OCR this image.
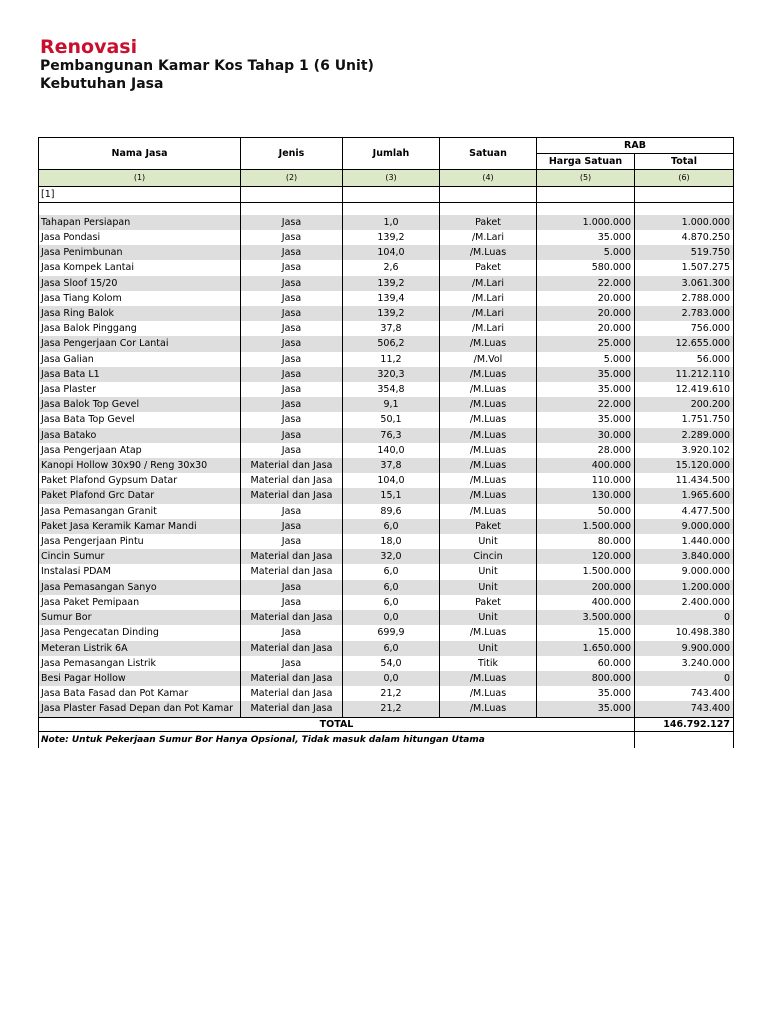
Renovasi
Pembangunan Kamar Kos Tahap 1 (6 Unit)
Kebutuhan Jasa
Nama Jasa	Jenis	Jumlah	Satuan	RAB	
				Harga Satuan	Total
(1)	(2)	(3)	(4)	(5)	(6)
[1]					

Tahapan Persiapan	Jasa	1,0	Paket	1.000.000	1.000.000
Jasa Pondasi	Jasa	139,2	/M.Lari	35.000	4.870.250
Jasa Penimbunan	Jasa	104,0	/M.Luas	5.000	519.750
Jasa Kompek Lantai	Jasa	2,6	Paket	580.000	1.507.275
Jasa Sloof 15/20	Jasa	139,2	/M.Lari	22.000	3.061.300
Jasa Tiang Kolom	Jasa	139,4	/M.Lari	20.000	2.788.000
Jasa Ring Balok	Jasa	139,2	/M.Lari	20.000	2.783.000
Jasa Balok Pinggang	Jasa	37,8	/M.Lari	20.000	756.000
Jasa Pengerjaan Cor Lantai	Jasa	506,2	/M.Luas	25.000	12.655.000
Jasa Galian	Jasa	11,2	/M.Vol	5.000	56.000
Jasa Bata L1	Jasa	320,3	/M.Luas	35.000	11.212.110
Jasa Plaster	Jasa	354,8	/M.Luas	35.000	12.419.610
Jasa Balok Top Gevel	Jasa	9,1	/M.Luas	22.000	200.200
Jasa Bata Top Gevel	Jasa	50,1	/M.Luas	35.000	1.751.750
Jasa Batako	Jasa	76,3	/M.Luas	30.000	2.289.000
Jasa Pengerjaan Atap	Jasa	140,0	/M.Luas	28.000	3.920.102
Kanopi Hollow 30x90 / Reng 30x30	Material dan Jasa	37,8	/M.Luas	400.000	15.120.000
Paket Plafond Gypsum Datar	Material dan Jasa	104,0	/M.Luas	110.000	11.434.500
Paket Plafond Grc Datar	Material dan Jasa	15,1	/M.Luas	130.000	1.965.600
Jasa Pemasangan Granit	Jasa	89,6	/M.Luas	50.000	4.477.500
Paket Jasa Keramik Kamar Mandi	Jasa	6,0	Paket	1.500.000	9.000.000
Jasa Pengerjaan Pintu	Jasa	18,0	Unit	80.000	1.440.000
Cincin Sumur	Material dan Jasa	32,0	Cincin	120.000	3.840.000
Instalasi PDAM	Material dan Jasa	6,0	Unit	1.500.000	9.000.000
Jasa Pemasangan Sanyo	Jasa	6,0	Unit	200.000	1.200.000
Jasa Paket Pemipaan	Jasa	6,0	Paket	400.000	2.400.000
Sumur Bor	Material dan Jasa	0,0	Unit	3.500.000	0
Jasa Pengecatan Dinding	Jasa	699,9	/M.Luas	15.000	10.498.380
Meteran Listrik 6A	Material dan Jasa	6,0	Unit	1.650.000	9.900.000
Jasa Pemasangan Listrik	Jasa	54,0	Titik	60.000	3.240.000
Besi Pagar Hollow	Material dan Jasa	0,0	/M.Luas	800.000	0
Jasa Bata Fasad dan Pot Kamar	Material dan Jasa	21,2	/M.Luas	35.000	743.400
Jasa Plaster Fasad Depan dan Pot Kamar	Material dan Jasa	21,2	/M.Luas	35.000	743.400
TOTAL					146.792.127
Note: Untuk Pekerjaan Sumur Bor Hanya Opsional, Tidak masuk dalam hitungan Utama					
